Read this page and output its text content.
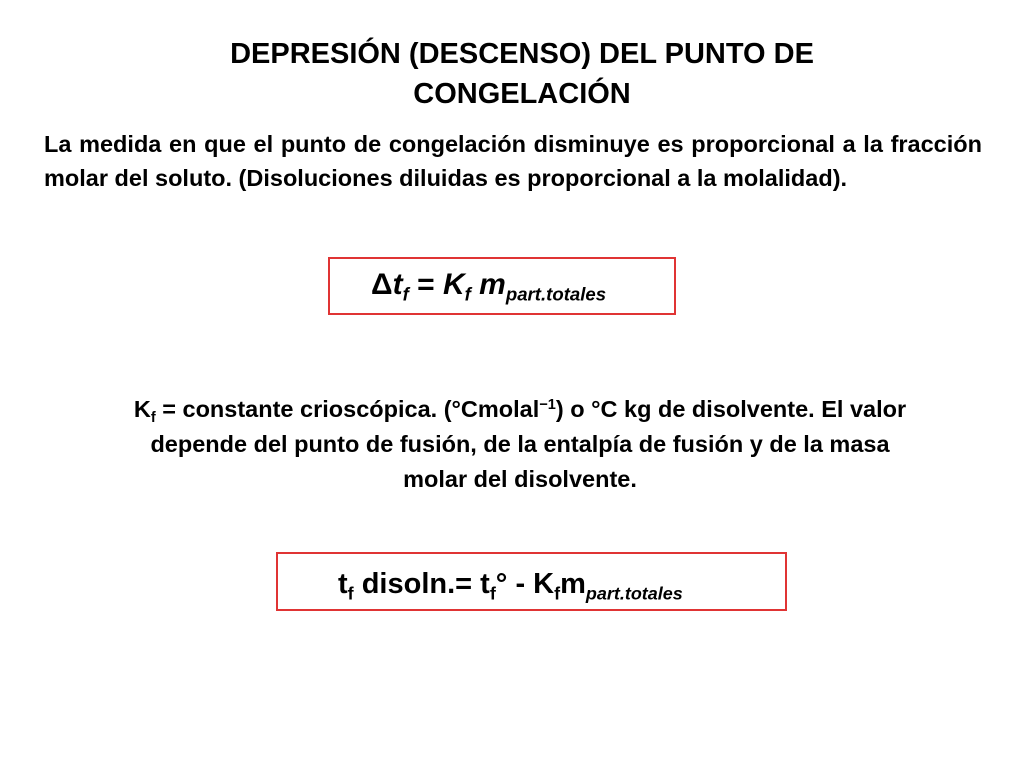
DEPRESIÓN (DESCENSO) DEL PUNTO DE
CONGELACIÓN
La medida en que el punto de congelación disminuye es proporcional a la fracción molar del soluto. (Disoluciones diluidas es proporcional a la molalidad).
$\Delta t_f = K_f$ $m_{part.totales}$
$K_f$ = constante crioscópica. (°Cmolal$^{-1}$) o °C kg de disolvente. El valor
depende del punto de fusión, de la entalpía de fusión y de la masa
molar del disolvente.
$t_f$ disoln.= $t_f^\circ - K_fm_{part.totales}$
